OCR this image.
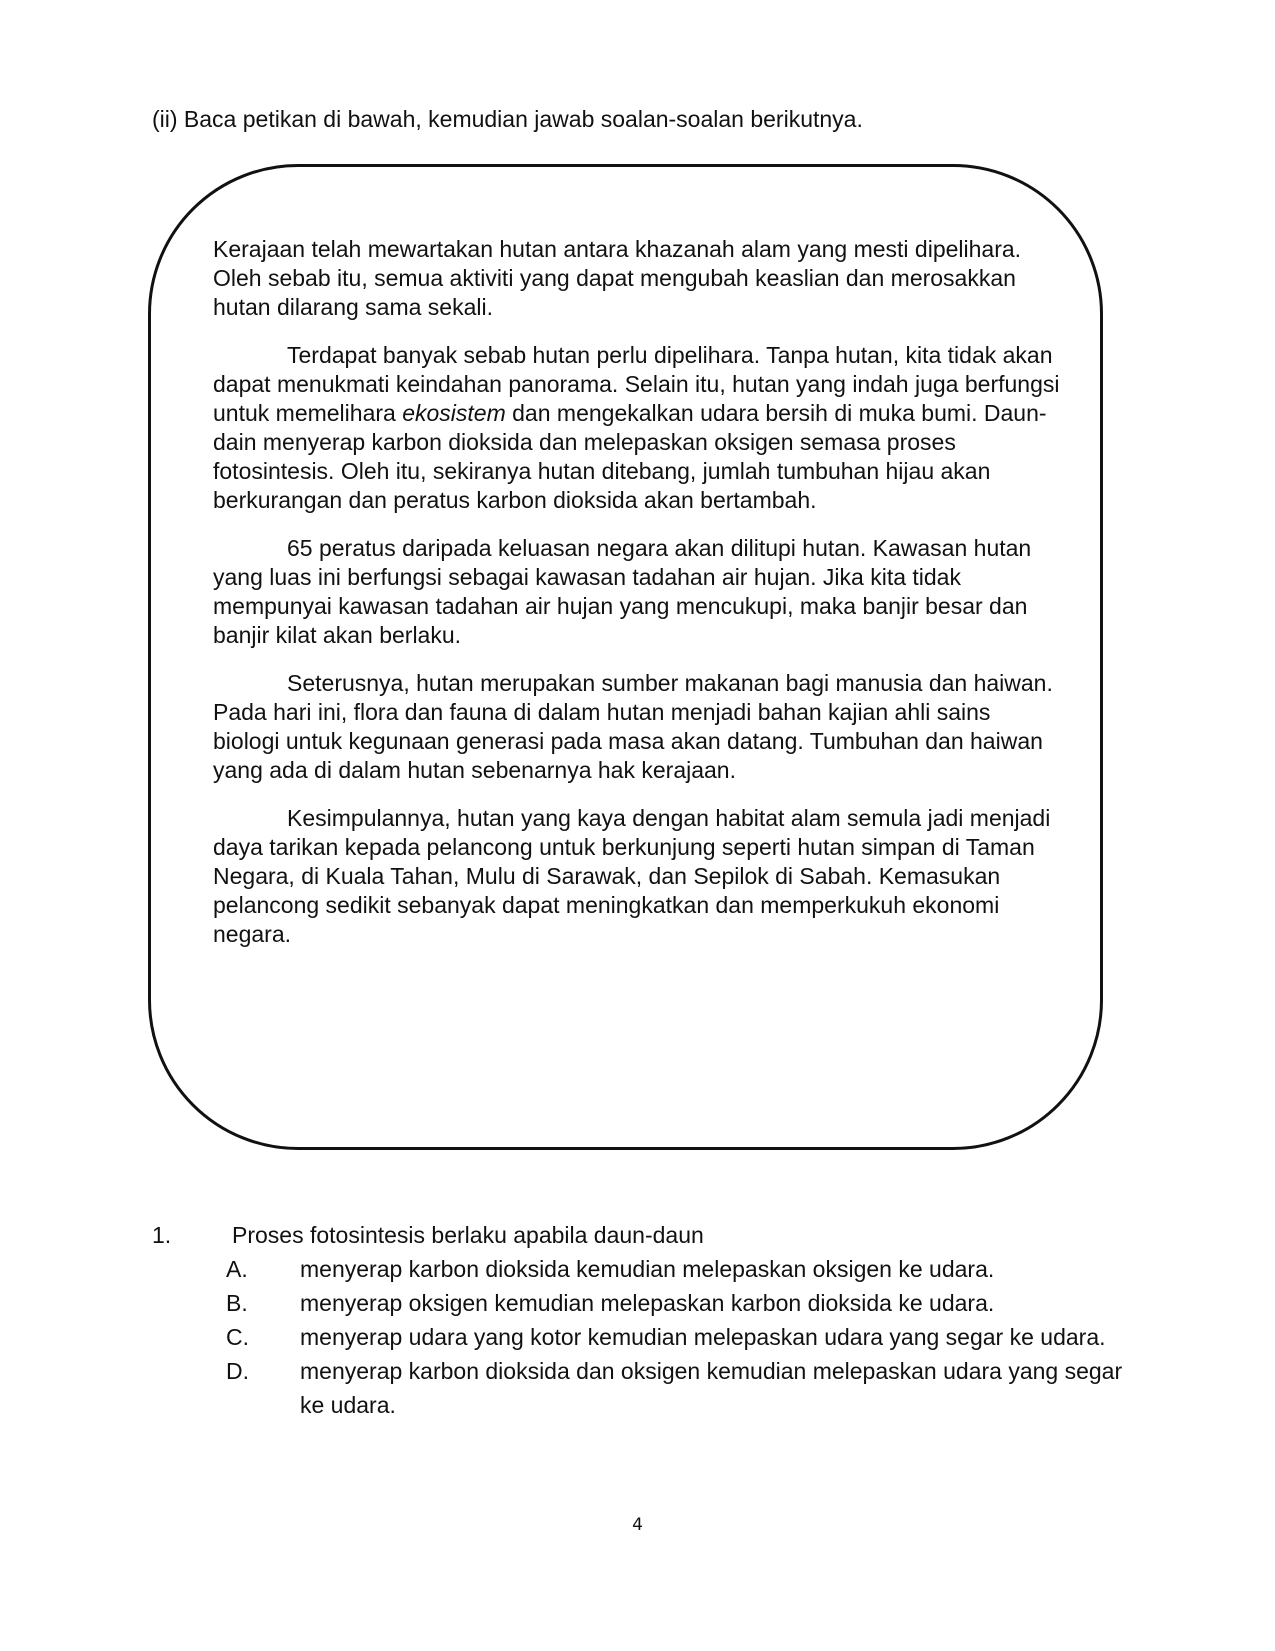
(ii) Baca petikan di bawah, kemudian jawab soalan-soalan berikutnya.

Kerajaan telah mewartakan hutan antara khazanah alam yang mesti dipelihara. Oleh sebab itu, semua aktiviti yang dapat mengubah keaslian dan merosakkan hutan dilarang sama sekali.

Terdapat banyak sebab hutan perlu dipelihara. Tanpa hutan, kita tidak akan dapat menukmati keindahan panorama. Selain itu, hutan yang indah juga berfungsi untuk memelihara ekosistem dan mengekalkan udara bersih di muka bumi. Daun-dain menyerap karbon dioksida dan melepaskan oksigen semasa proses fotosintesis. Oleh itu, sekiranya hutan ditebang, jumlah tumbuhan hijau akan berkurangan dan peratus karbon dioksida akan bertambah.

65 peratus daripada keluasan negara akan dilitupi hutan. Kawasan hutan yang luas ini berfungsi sebagai kawasan tadahan air hujan. Jika kita tidak mempunyai kawasan tadahan air hujan yang mencukupi, maka banjir besar dan banjir kilat akan berlaku.

Seterusnya, hutan merupakan sumber makanan bagi manusia dan haiwan. Pada hari ini, flora dan fauna di dalam hutan menjadi bahan kajian ahli sains biologi untuk kegunaan generasi pada masa akan datang. Tumbuhan dan haiwan yang ada di dalam hutan sebenarnya hak kerajaan.

Kesimpulannya, hutan yang kaya dengan habitat alam semula jadi menjadi daya tarikan kepada pelancong untuk berkunjung seperti hutan simpan di Taman Negara, di Kuala Tahan, Mulu di Sarawak, dan Sepilok di Sabah. Kemasukan pelancong sedikit sebanyak dapat meningkatkan dan memperkukuh ekonomi negara.

1.	Proses fotosintesis berlaku apabila daun-daun
A.	menyerap karbon dioksida kemudian melepaskan oksigen ke udara.
B.	menyerap oksigen kemudian melepaskan karbon dioksida ke udara.
C.	menyerap udara yang kotor kemudian melepaskan udara yang segar ke udara.
D.	menyerap karbon dioksida dan oksigen kemudian melepaskan udara yang segar ke udara.
4
